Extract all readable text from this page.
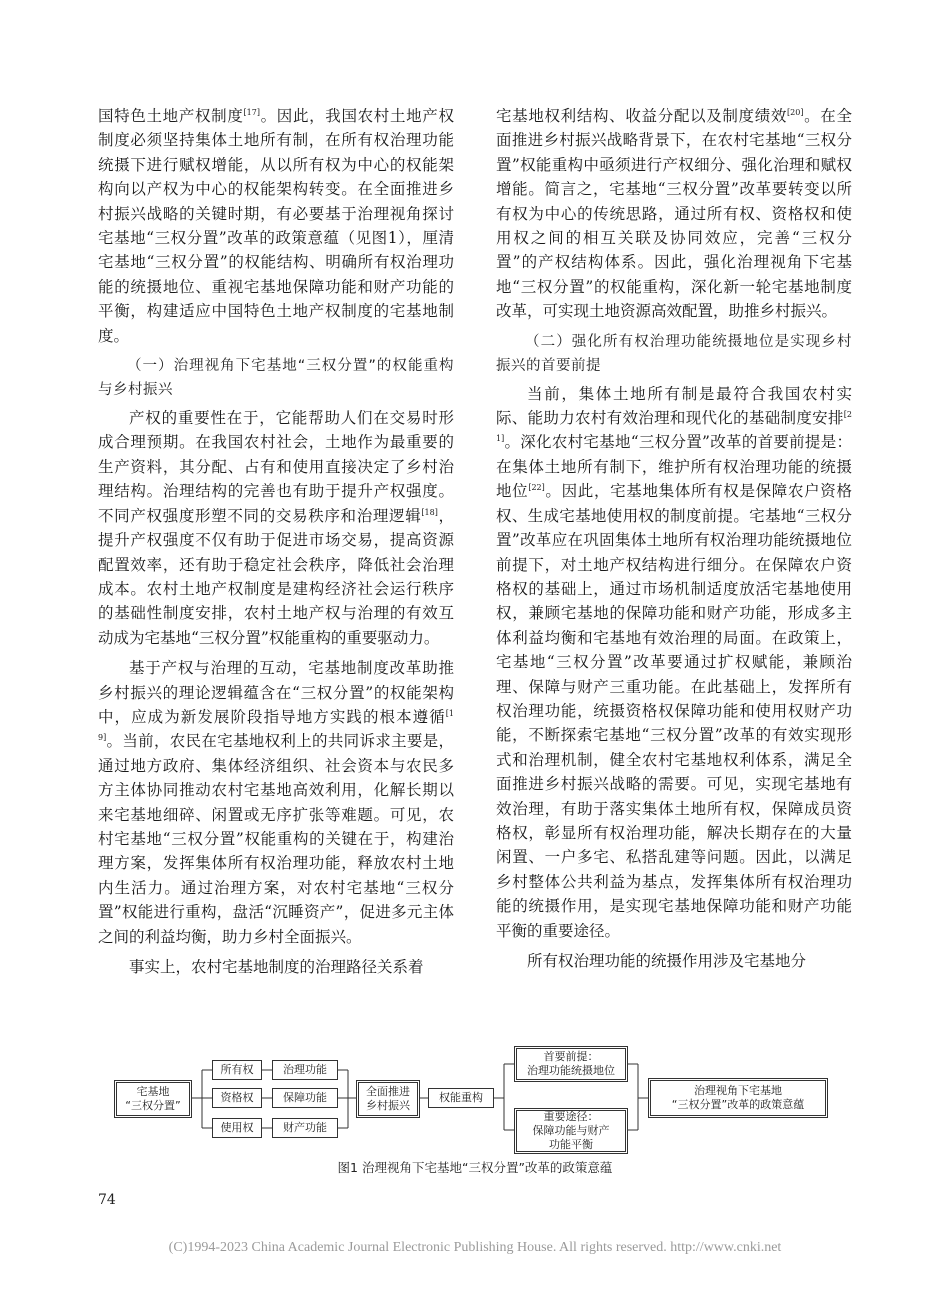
国特色土地产权制度[17]。因此，我国农村土地产权制度必须坚持集体土地所有制，在所有权治理功能统摄下进行赋权增能，从以所有权为中心的权能架构向以产权为中心的权能架构转变。在全面推进乡村振兴战略的关键时期，有必要基于治理视角探讨宅基地“三权分置”改革的政策意蕴（见图1），厘清宅基地“三权分置”的权能结构、明确所有权治理功能的统摄地位、重视宅基地保障功能和财产功能的平衡，构建适应中国特色土地产权制度的宅基地制度。

（一）治理视角下宅基地“三权分置”的权能重构与乡村振兴

产权的重要性在于，它能帮助人们在交易时形成合理预期。在我国农村社会，土地作为最重要的生产资料，其分配、占有和使用直接决定了乡村治理结构。治理结构的完善也有助于提升产权强度。不同产权强度形塑不同的交易秩序和治理逻辑[18]，提升产权强度不仅有助于促进市场交易，提高资源配置效率，还有助于稳定社会秩序，降低社会治理成本。农村土地产权制度是建构经济社会运行秩序的基础性制度安排，农村土地产权与治理的有效互动成为宅基地“三权分置”权能重构的重要驱动力。

基于产权与治理的互动，宅基地制度改革助推乡村振兴的理论逻辑蕴含在“三权分置”的权能架构中，应成为新发展阶段指导地方实践的根本遵循[19]。当前，农民在宅基地权利上的共同诉求主要是，通过地方政府、集体经济组织、社会资本与农民多方主体协同推动农村宅基地高效利用，化解长期以来宅基地细碎、闲置或无序扩张等难题。可见，农村宅基地“三权分置”权能重构的关键在于，构建治理方案，发挥集体所有权治理功能，释放农村土地内生活力。通过治理方案，对农村宅基地“三权分置”权能进行重构，盘活“沉睡资产”，促进多元主体之间的利益均衡，助力乡村全面振兴。

事实上，农村宅基地制度的治理路径关系着

宅基地权利结构、收益分配以及制度绩效[20]。在全面推进乡村振兴战略背景下，在农村宅基地“三权分置”权能重构中亟须进行产权细分、强化治理和赋权增能。简言之，宅基地“三权分置”改革要转变以所有权为中心的传统思路，通过所有权、资格权和使用权之间的相互关联及协同效应，完善“三权分置”的产权结构体系。因此，强化治理视角下宅基地“三权分置”的权能重构，深化新一轮宅基地制度改革，可实现土地资源高效配置，助推乡村振兴。

（二）强化所有权治理功能统摄地位是实现乡村振兴的首要前提

当前，集体土地所有制是最符合我国农村实际、能助力农村有效治理和现代化的基础制度安排[21]。深化农村宅基地“三权分置”改革的首要前提是：在集体土地所有制下，维护所有权治理功能的统摄地位[22]。因此，宅基地集体所有权是保障农户资格权、生成宅基地使用权的制度前提。宅基地“三权分置”改革应在巩固集体土地所有权治理功能统摄地位前提下，对土地产权结构进行细分。在保障农户资格权的基础上，通过市场机制适度放活宅基地使用权，兼顾宅基地的保障功能和财产功能，形成多主体利益均衡和宅基地有效治理的局面。在政策上，宅基地“三权分置”改革要通过扩权赋能，兼顾治理、保障与财产三重功能。在此基础上，发挥所有权治理功能，统摄资格权保障功能和使用权财产功能，不断探索宅基地“三权分置”改革的有效实现形式和治理机制，健全农村宅基地权利体系，满足全面推进乡村振兴战略的需要。可见，实现宅基地有效治理，有助于落实集体土地所有权，保障成员资格权，彰显所有权治理功能，解决长期存在的大量闲置、一户多宅、私搭乱建等问题。因此，以满足乡村整体公共利益为基点，发挥集体所有权治理功能的统摄作用，是实现宅基地保障功能和财产功能平衡的重要途径。

所有权治理功能的统摄作用涉及宅基地分

宅基地
“三权分置”
所有权
资格权
使用权
治理功能
保障功能
财产功能
全面推进
乡村振兴
权能重构
首要前提：
治理功能统摄地位
重要途径：
保障功能与财产
功能平衡
治理视角下宅基地
“三权分置”改革的政策意蕴
图1 治理视角下宅基地“三权分置”改革的政策意蕴
74
(C)1994-2023 China Academic Journal Electronic Publishing House. All rights reserved. http://www.cnki.net
